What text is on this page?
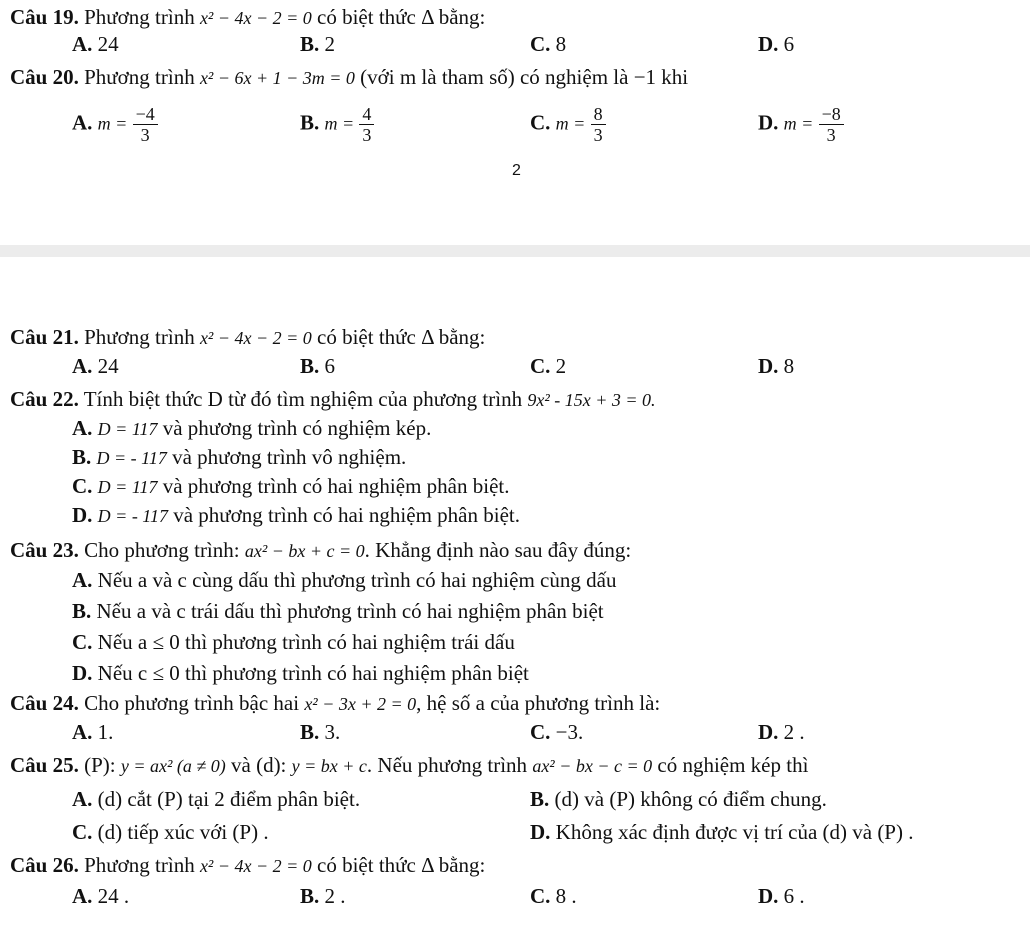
Câu 19. Phương trình x² − 4x − 2 = 0 có biệt thức Δ bằng:
A. 24	B. 2	C. 8	D. 6
Câu 20. Phương trình x² − 6x + 1 − 3m = 0 (với m là tham số) có nghiệm là −1 khi
A. $m = \frac{-4}{3}$	B. $m = \frac{4}{3}$	C. $m = \frac{8}{3}$	D. $m = \frac{-8}{3}$
2
Câu 21. Phương trình x² − 4x − 2 = 0 có biệt thức Δ bằng:
A. 24	B. 6	C. 2	D. 8
Câu 22. Tính biệt thức D từ đó tìm nghiệm của phương trình 9x² - 15x + 3 = 0.
A. D = 117 và phương trình có nghiệm kép.
B. D = - 117 và phương trình vô nghiệm.
C. D = 117 và phương trình có hai nghiệm phân biệt.
D. D = - 117 và phương trình có hai nghiệm phân biệt.
Câu 23. Cho phương trình: ax² − bx + c = 0. Khẳng định nào sau đây đúng:
A. Nếu a và c cùng dấu thì phương trình có hai nghiệm cùng dấu
B. Nếu a và c trái dấu thì phương trình có hai nghiệm phân biệt
C. Nếu a ≤ 0 thì phương trình có hai nghiệm trái dấu
D. Nếu c ≤ 0 thì phương trình có hai nghiệm phân biệt
Câu 24. Cho phương trình bậc hai x² − 3x + 2 = 0, hệ số a của phương trình là:
A. 1.	B. 3.	C. −3.	D. 2 .
Câu 25. (P): y = ax² (a ≠ 0) và (d): y = bx + c. Nếu phương trình ax² − bx − c = 0 có nghiệm kép thì
A. (d) cắt (P) tại 2 điểm phân biệt.	B. (d) và (P) không có điểm chung.
C. (d) tiếp xúc với (P) .	D. Không xác định được vị trí của (d) và (P) .
Câu 26. Phương trình x² − 4x − 2 = 0 có biệt thức Δ bằng:
A. 24 .	B. 2 .	C. 8 .	D. 6 .
